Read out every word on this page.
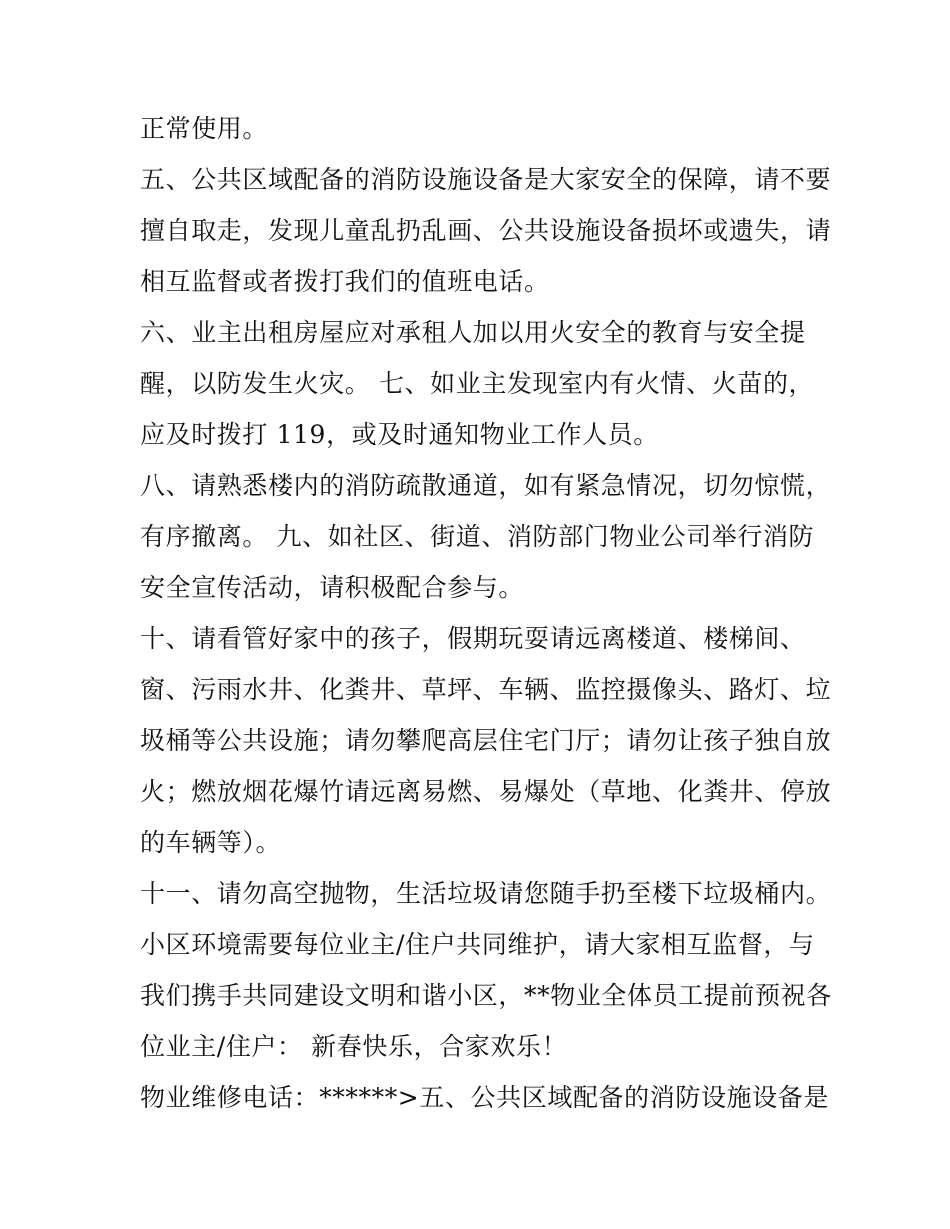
正常使用。

五、公共区域配备的消防设施设备是大家安全的保障，请不要

擅自取走，发现儿童乱扔乱画、公共设施设备损坏或遗失，请

相互监督或者拨打我们的值班电话。

六、业主出租房屋应对承租人加以用火安全的教育与安全提

醒，以防发生火灾。 七、如业主发现室内有火情、火苗的，

应及时拨打 119，或及时通知物业工作人员。

八、请熟悉楼内的消防疏散通道，如有紧急情况，切勿惊慌，

有序撤离。 九、如社区、街道、消防部门物业公司举行消防

安全宣传活动，请积极配合参与。

十、请看管好家中的孩子，假期玩耍请远离楼道、楼梯间、

窗、污雨水井、化粪井、草坪、车辆、监控摄像头、路灯、垃

圾桶等公共设施；请勿攀爬高层住宅门厅；请勿让孩子独自放

火；燃放烟花爆竹请远离易燃、易爆处（草地、化粪井、停放

的车辆等）。

十一、请勿高空抛物，生活垃圾请您随手扔至楼下垃圾桶内。

小区环境需要每位业主/住户共同维护，请大家相互监督，与

我们携手共同建设文明和谐小区，**物业全体员工提前预祝各

位业主/住户： 新春快乐，合家欢乐！

物业维修电话：******>五、公共区域配备的消防设施设备是
